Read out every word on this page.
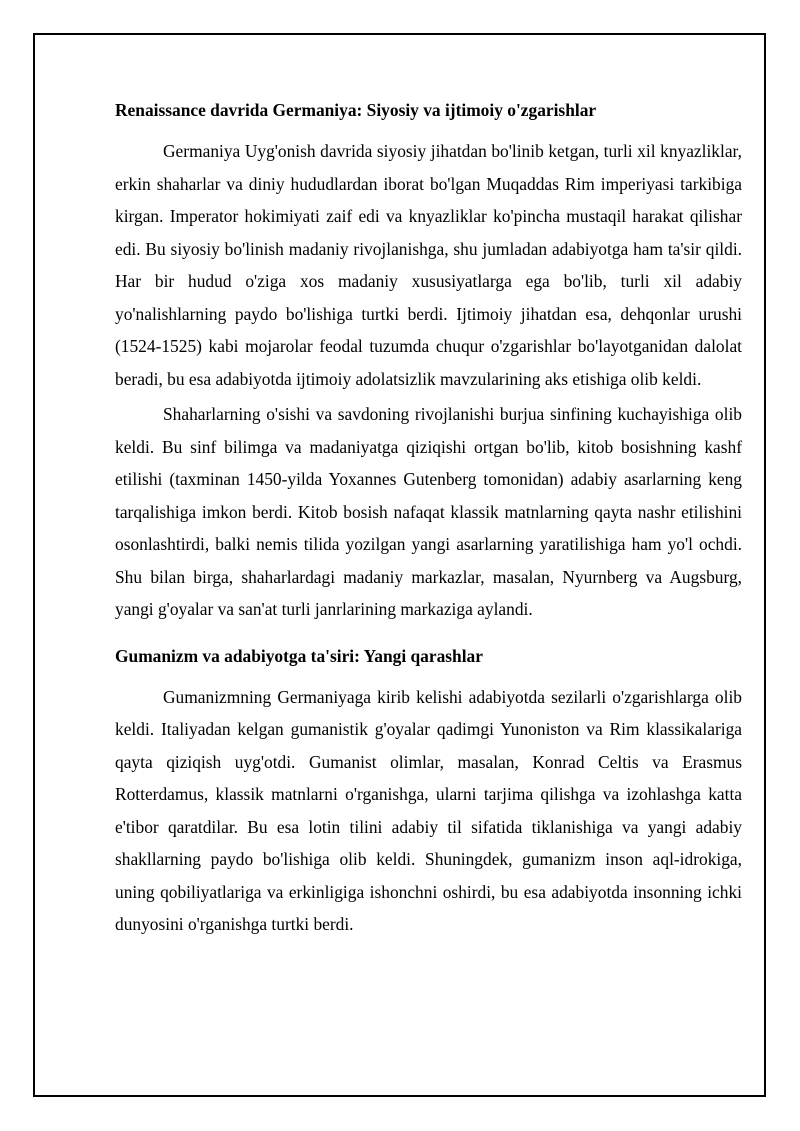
Renaissance davrida Germaniya: Siyosiy va ijtimoiy o'zgarishlar

Germaniya Uyg'onish davrida siyosiy jihatdan bo'linib ketgan, turli xil knyazliklar, erkin shaharlar va diniy hududlardan iborat bo'lgan Muqaddas Rim imperiyasi tarkibiga kirgan. Imperator hokimiyati zaif edi va knyazliklar ko'pincha mustaqil harakat qilishar edi. Bu siyosiy bo'linish madaniy rivojlanishga, shu jumladan adabiyotga ham ta'sir qildi. Har bir hudud o'ziga xos madaniy xususiyatlarga ega bo'lib, turli xil adabiy yo'nalishlarning paydo bo'lishiga turtki berdi. Ijtimoiy jihatdan esa, dehqonlar urushi (1524-1525) kabi mojarolar feodal tuzumda chuqur o'zgarishlar bo'layotganidan dalolat beradi, bu esa adabiyotda ijtimoiy adolatsizlik mavzularining aks etishiga olib keldi.

Shaharlarning o'sishi va savdoning rivojlanishi burjua sinfining kuchayishiga olib keldi. Bu sinf bilimga va madaniyatga qiziqishi ortgan bo'lib, kitob bosishning kashf etilishi (taxminan 1450-yilda Yoxannes Gutenberg tomonidan) adabiy asarlarning keng tarqalishiga imkon berdi. Kitob bosish nafaqat klassik matnlarning qayta nashr etilishini osonlashtirdi, balki nemis tilida yozilgan yangi asarlarning yaratilishiga ham yo'l ochdi. Shu bilan birga, shaharlardagi madaniy markazlar, masalan, Nyurnberg va Augsburg, yangi g'oyalar va san'at turli janrlarining markaziga aylandi.

Gumanizm va adabiyotga ta'siri: Yangi qarashlar

Gumanizmning Germaniyaga kirib kelishi adabiyotda sezilarli o'zgarishlarga olib keldi. Italiyadan kelgan gumanistik g'oyalar qadimgi Yunoniston va Rim klassikalariga qayta qiziqish uyg'otdi. Gumanist olimlar, masalan, Konrad Celtis va Erasmus Rotterdamus, klassik matnlarni o'rganishga, ularni tarjima qilishga va izohlashga katta e'tibor qaratdilar. Bu esa lotin tilini adabiy til sifatida tiklanishiga va yangi adabiy shakllarning paydo bo'lishiga olib keldi. Shuningdek, gumanizm inson aql-idrokiga, uning qobiliyatlariga va erkinligiga ishonchni oshirdi, bu esa adabiyotda insonning ichki dunyosini o'rganishga turtki berdi.
